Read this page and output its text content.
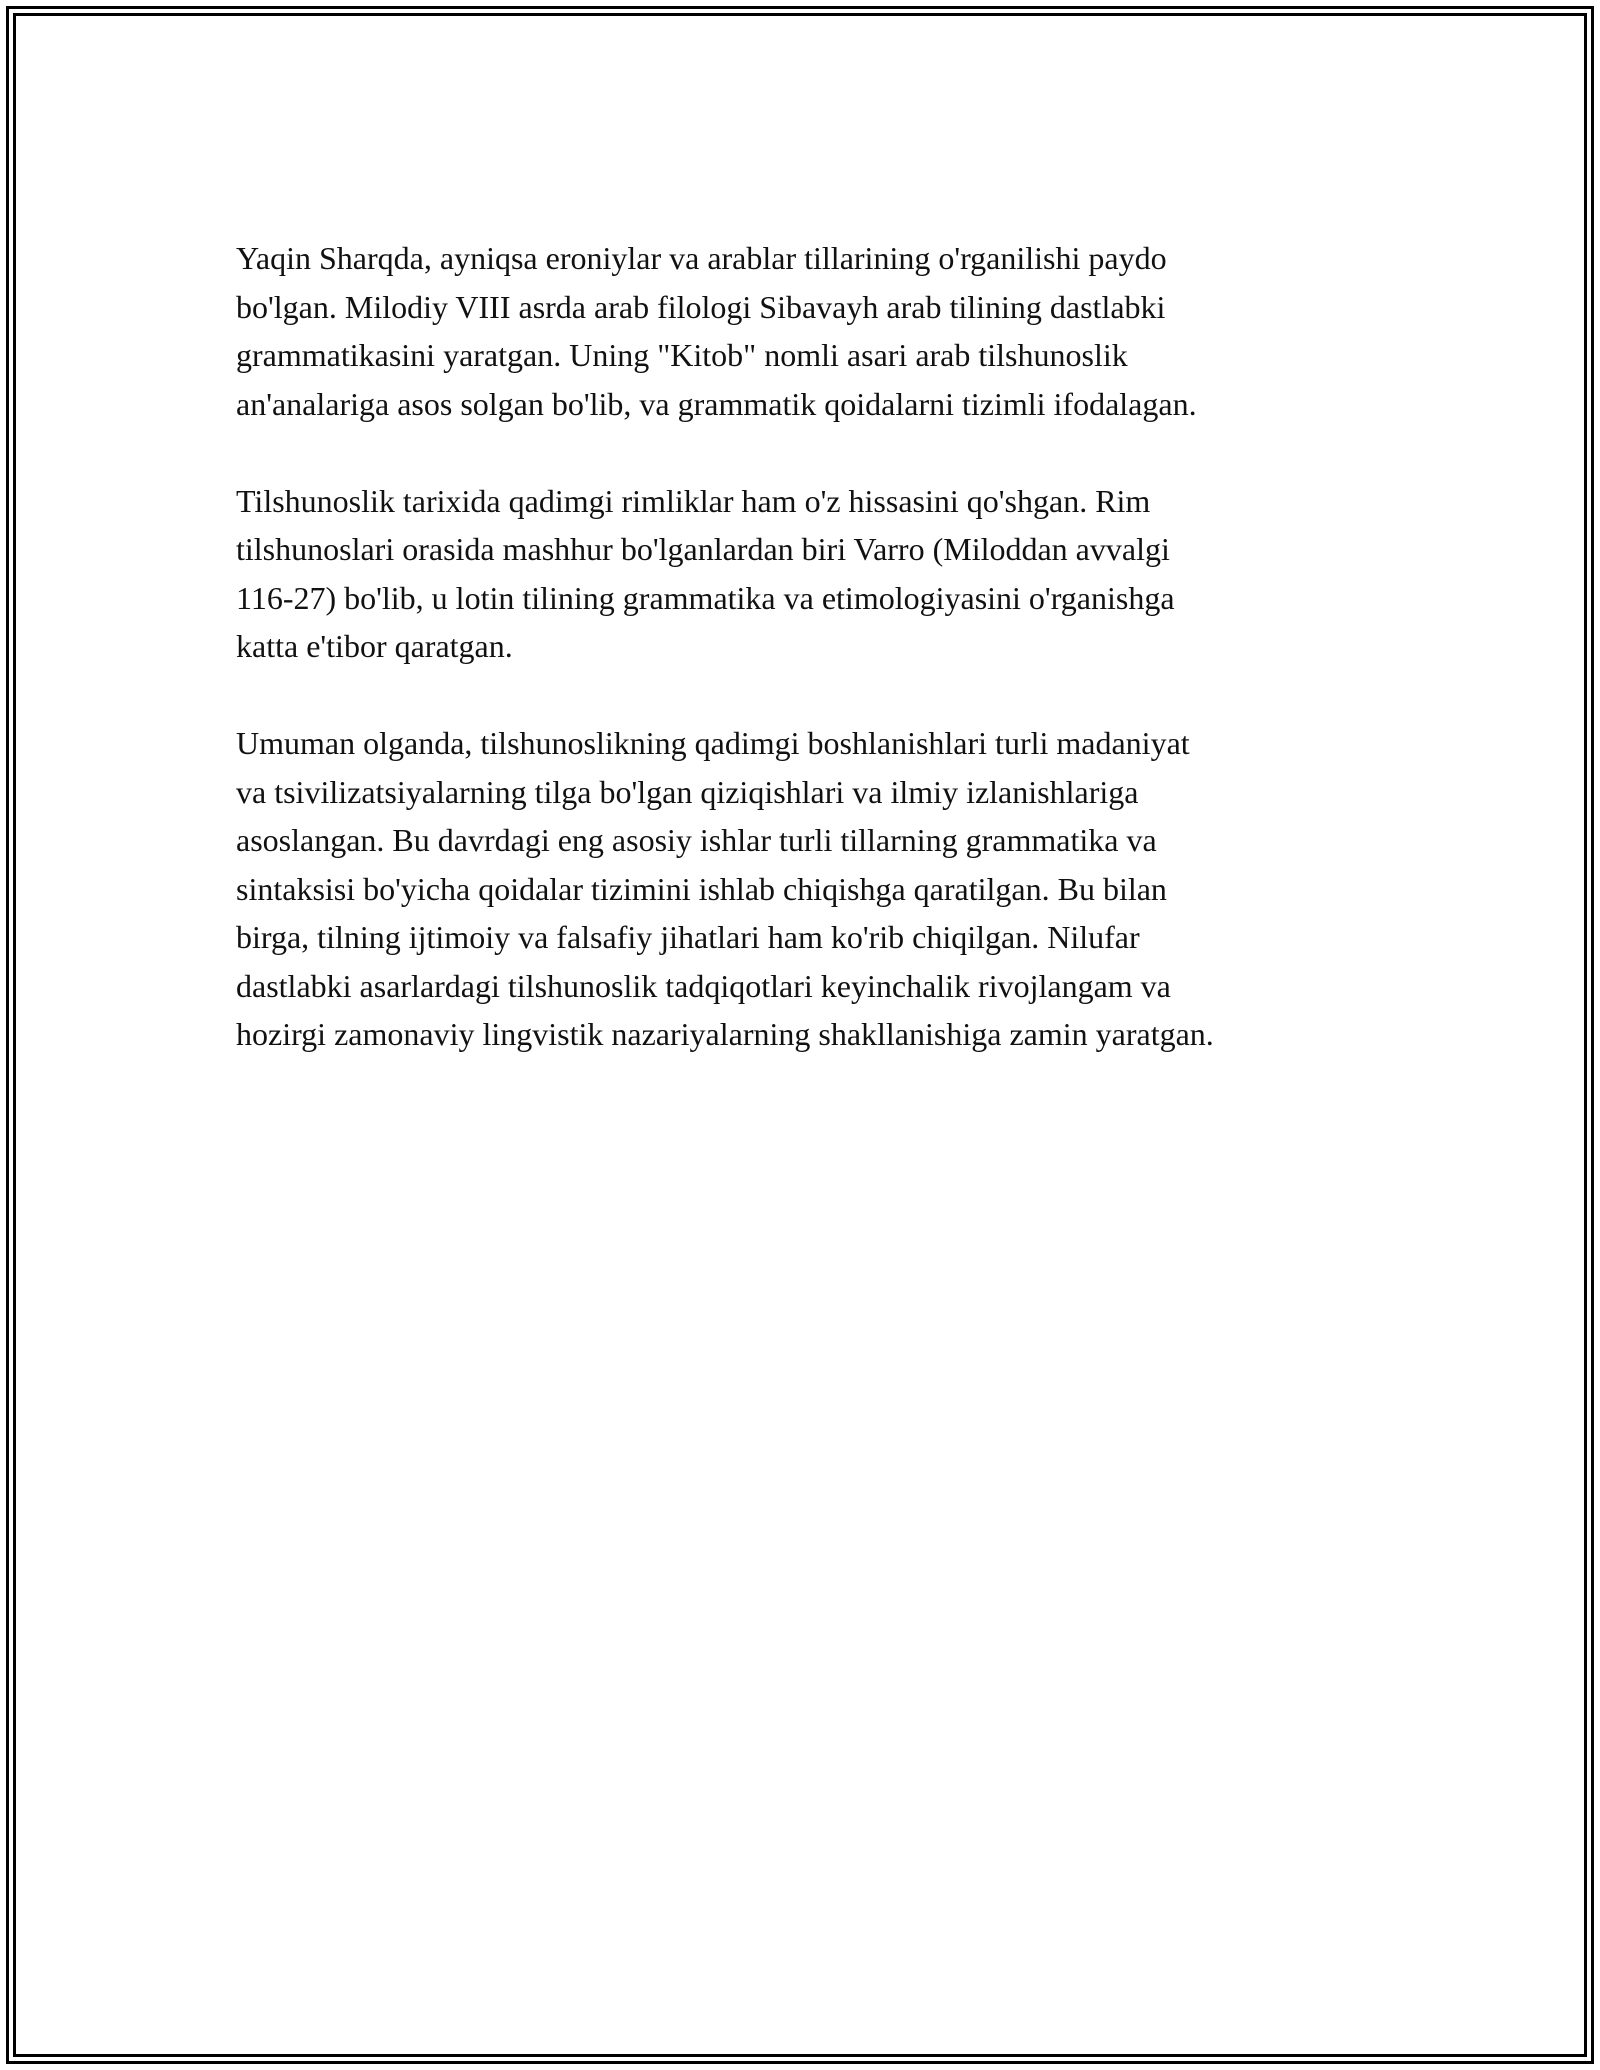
Yaqin Sharqda, ayniqsa eroniylar va arablar tillarining o'rganilishi paydo
bo'lgan. Milodiy VIII asrda arab filologi Sibavayh arab tilining dastlabki
grammatikasini yaratgan. Uning "Kitob" nomli asari arab tilshunoslik
an'analariga asos solgan bo'lib, va grammatik qoidalarni tizimli ifodalagan.

Tilshunoslik tarixida qadimgi rimliklar ham o'z hissasini qo'shgan. Rim
tilshunoslari orasida mashhur bo'lganlardan biri Varro (Miloddan avvalgi
116-27) bo'lib, u lotin tilining grammatika va etimologiyasini o'rganishga
katta e'tibor qaratgan.

Umuman olganda, tilshunoslikning qadimgi boshlanishlari turli madaniyat
va tsivilizatsiyalarning tilga bo'lgan qiziqishlari va ilmiy izlanishlariga
asoslangan. Bu davrdagi eng asosiy ishlar turli tillarning grammatika va
sintaksisi bo'yicha qoidalar tizimini ishlab chiqishga qaratilgan. Bu bilan
birga, tilning ijtimoiy va falsafiy jihatlari ham ko'rib chiqilgan. Nilufar
dastlabki asarlardagi tilshunoslik tadqiqotlari keyinchalik rivojlangam va
hozirgi zamonaviy lingvistik nazariyalarning shakllanishiga zamin yaratgan.
